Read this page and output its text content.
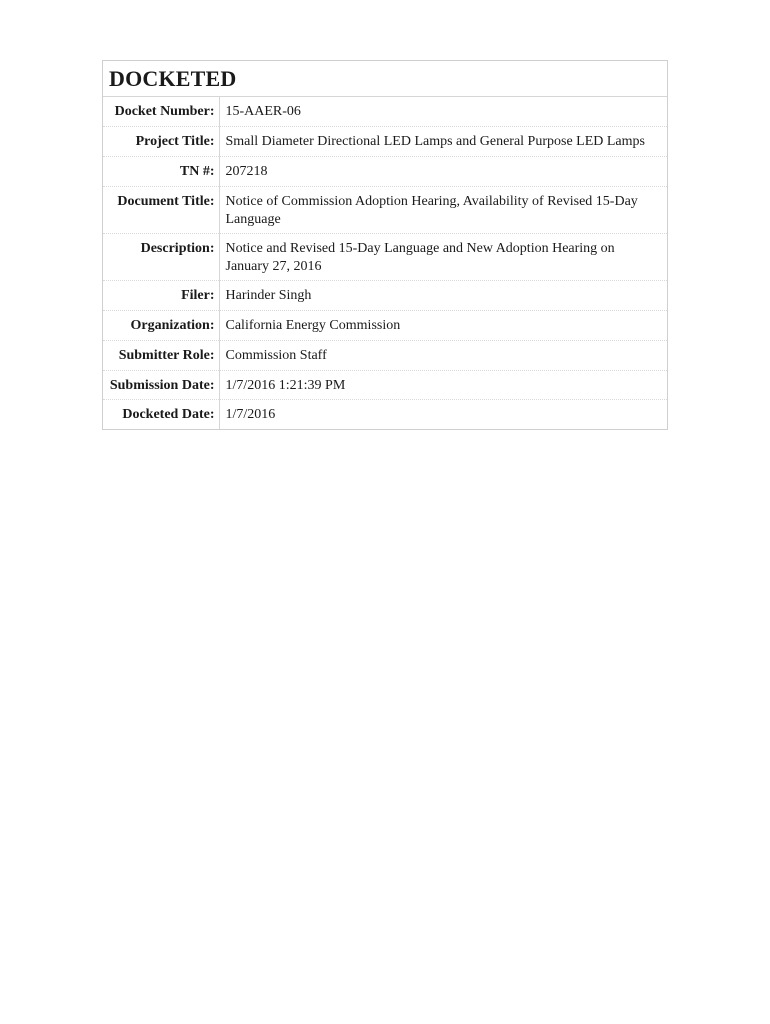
DOCKETED
Docket Number:	15-AAER-06
Project Title:	Small Diameter Directional LED Lamps and General Purpose LED Lamps
TN #:	207218
Document Title:	Notice of Commission Adoption Hearing, Availability of Revised 15-Day Language
Description:	Notice and Revised 15-Day Language and New Adoption Hearing on January 27, 2016
Filer:	Harinder Singh
Organization:	California Energy Commission
Submitter Role:	Commission Staff
Submission Date:	1/7/2016 1:21:39 PM
Docketed Date:	1/7/2016
